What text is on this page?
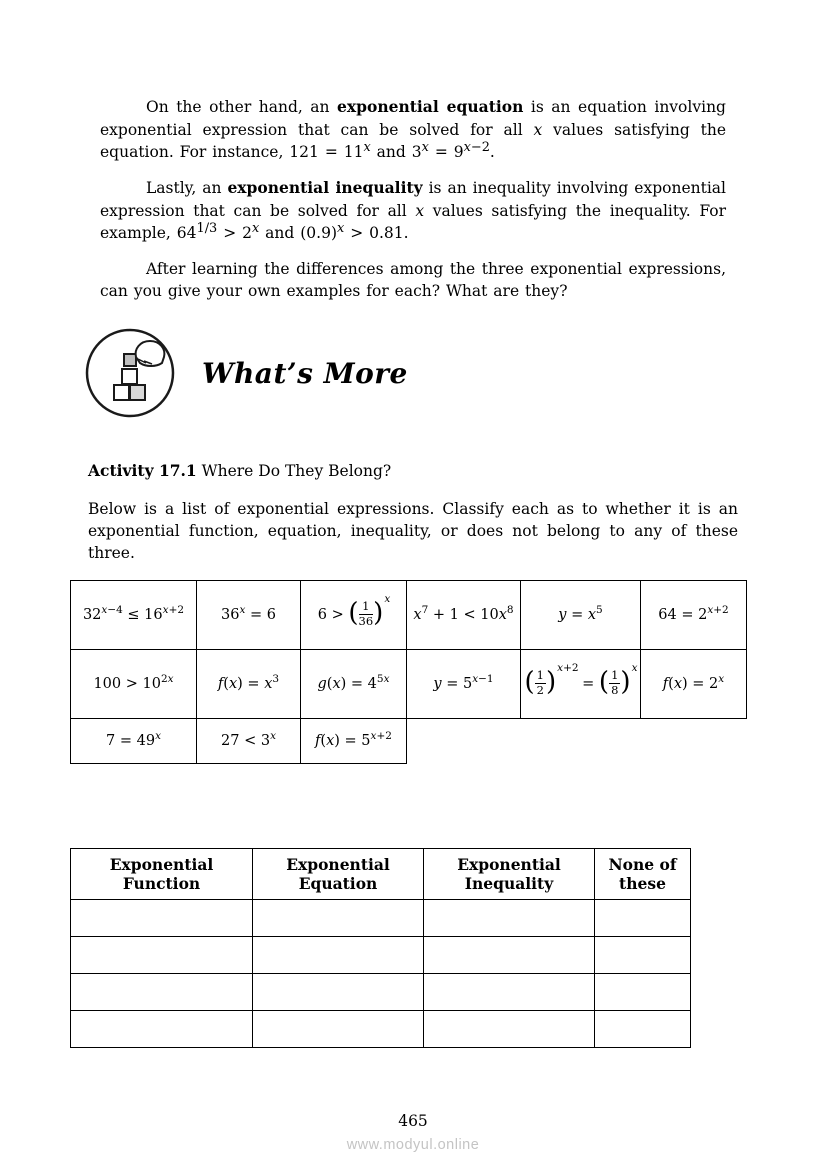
On the other hand, an exponential equation is an equation involving exponential expression that can be solved for all x values satisfying the equation. For instance, $121 = 11^x$ and $3^x = 9^{x-2}$.

Lastly, an exponential inequality is an inequality involving exponential expression that can be solved for all x values satisfying the inequality. For example, $64^{1/3} > 2^x$ and $(0.9)^x > 0.81$.

After learning the differences among the three exponential expressions, can you give your own examples for each? What are they?

What’s More

Activity 17.1 Where Do They Belong?

Below is a list of exponential expressions. Classify each as to whether it is an exponential function, equation, inequality, or does not belong to any of these three.

$32^{x-4} \le 16^{x+2}$	$36^x = 6$	6 > ( $\frac{1}{36} )^x$	$x^7 + 1 < 10x^8$	$y = x^5$	$64 = 2^{x+2}$
$100 > 10^{2x}$	$f(x) = x^3$	$g(x) = 4^{5x}$	$y = 5^{x-1}$	( $\frac{1}{2} )^{x+2}$ = ( $\frac{1}{8} )^x$	$f(x) = 2^x$
$7 = 49^x$	$27 < 3^x$	$f(x) = 5^{x+2}$	
Exponential Function	Exponential Equation	Exponential Inequality	None of these

465
www.modyul.online
